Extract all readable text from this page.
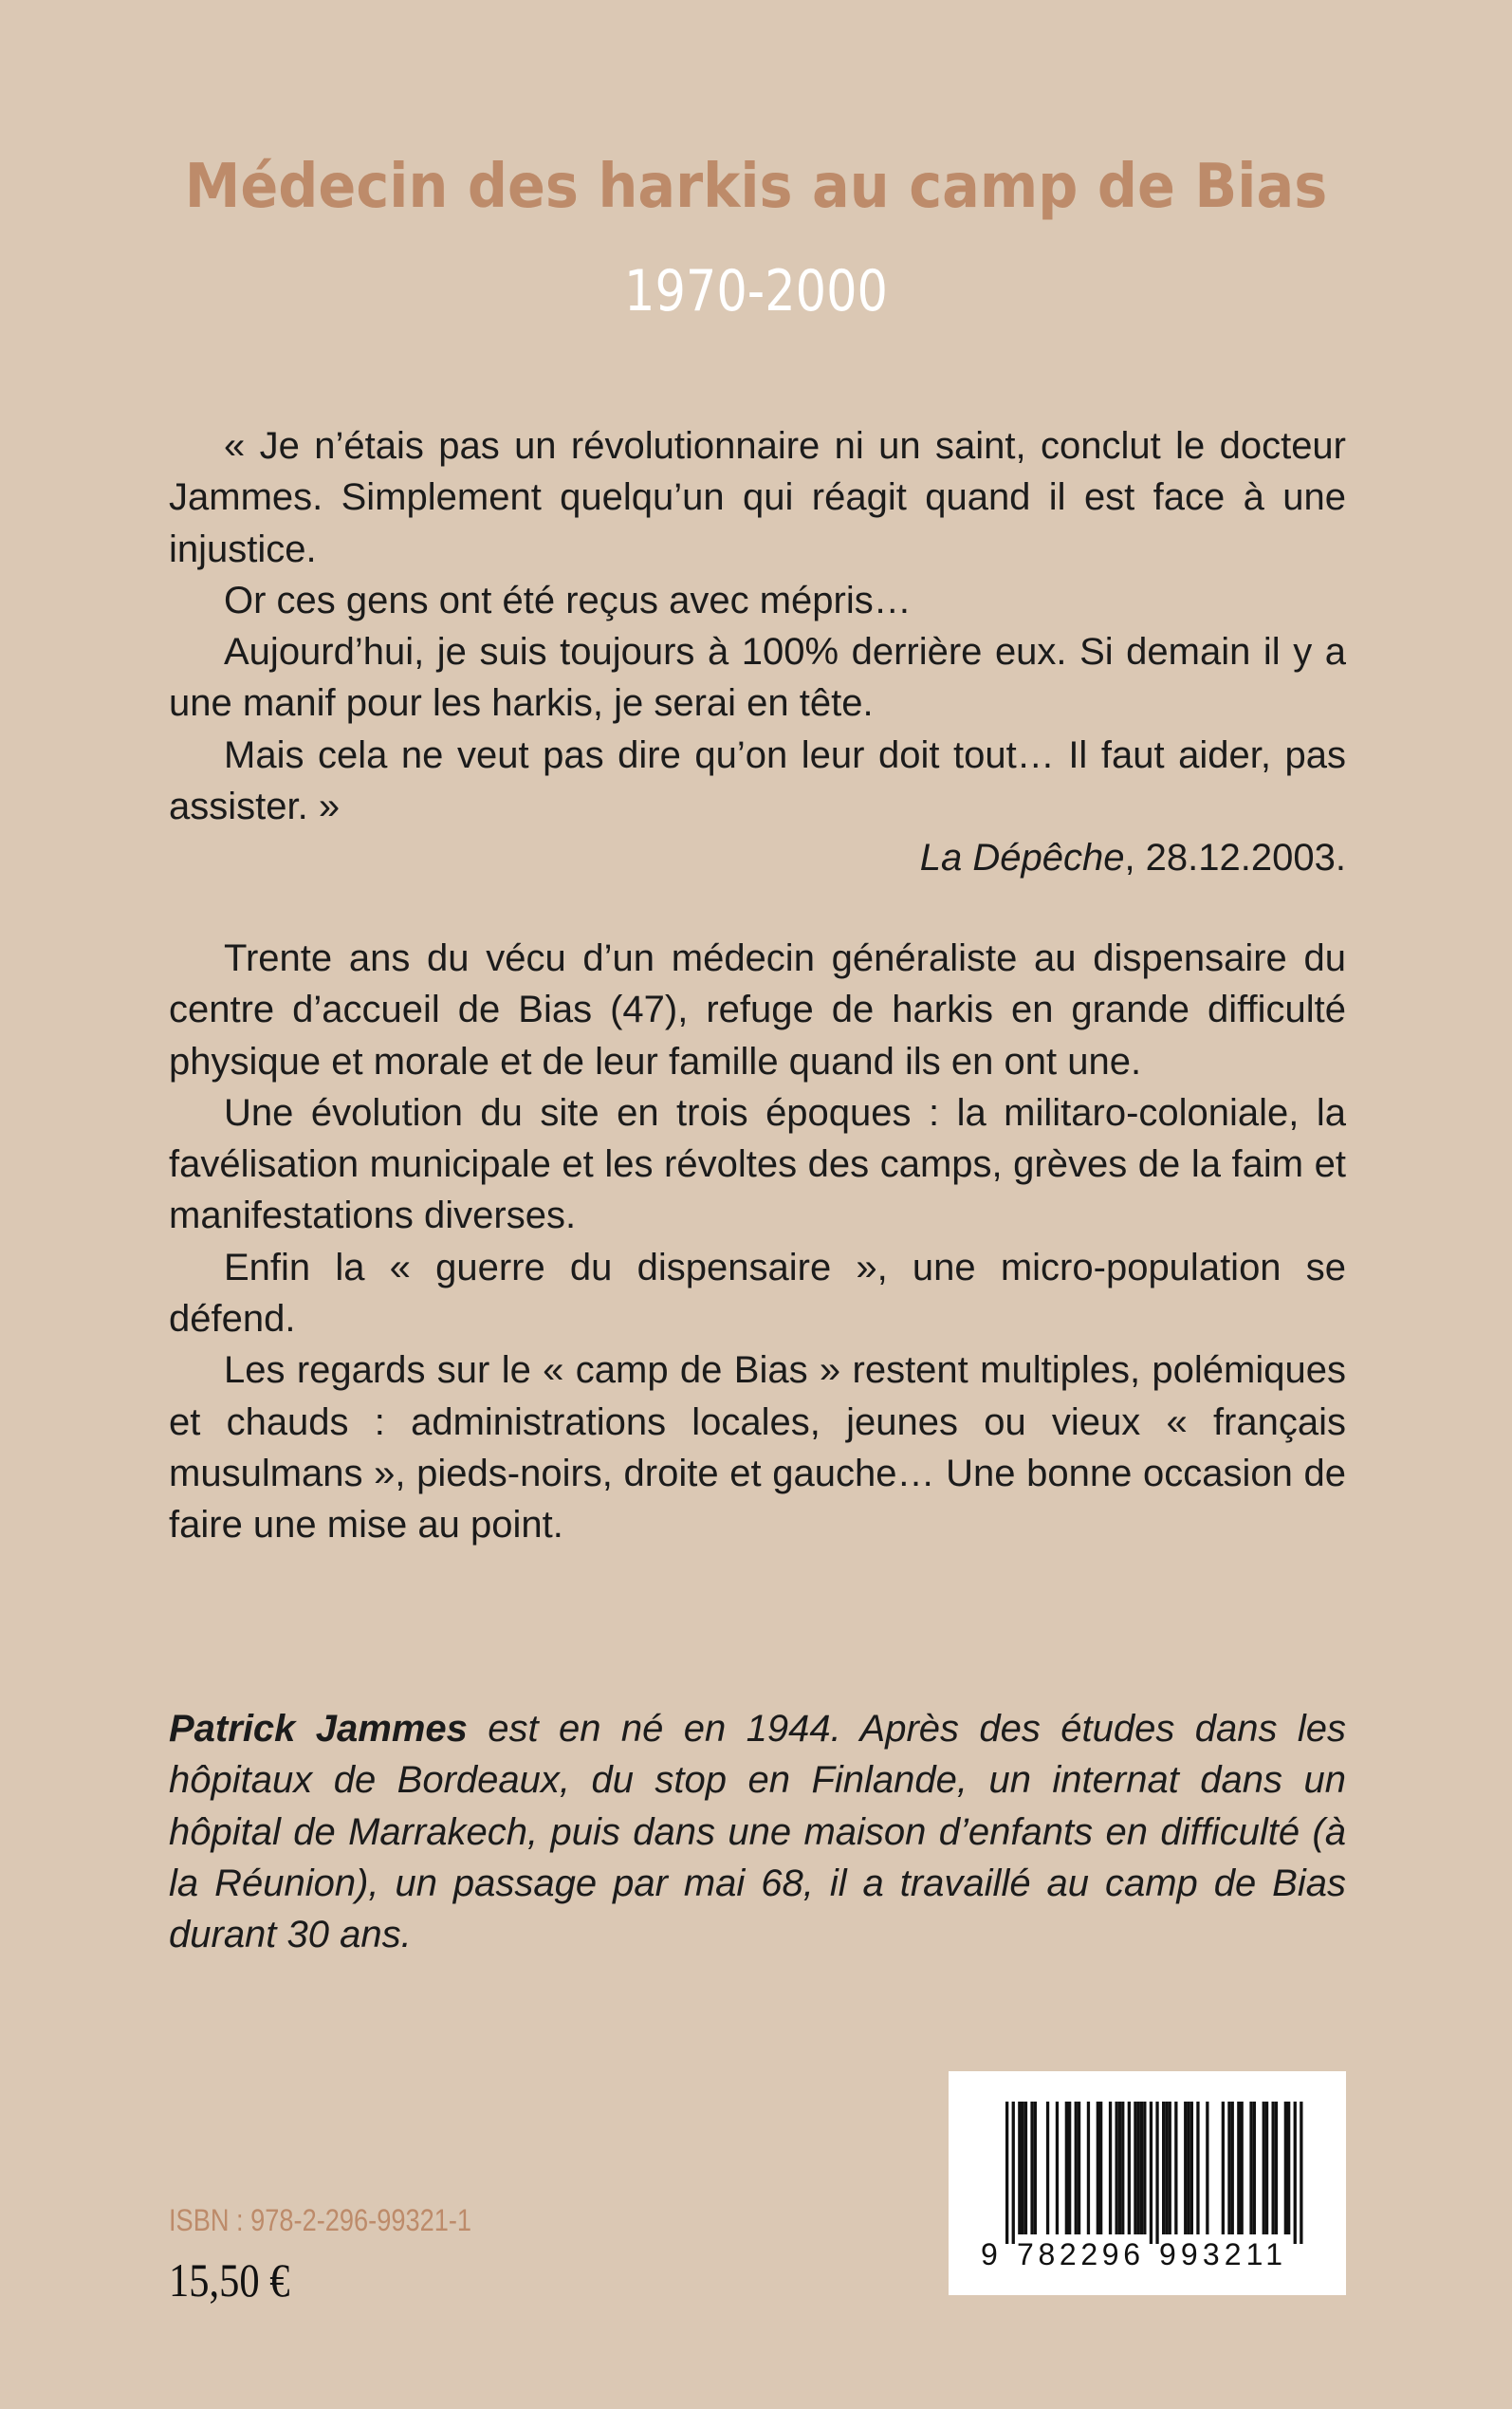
Médecin des harkis au camp de Bias
1970-2000

« Je n’étais pas un révolutionnaire ni un saint, conclut le docteur Jammes. Simplement quelqu’un qui réagit quand il est face à une injustice.

Or ces gens ont été reçus avec mépris…

Aujourd’hui, je suis toujours à 100% derrière eux. Si demain il y a une manif pour les harkis, je serai en tête.

Mais cela ne veut pas dire qu’on leur doit tout… Il faut aider, pas assister. »

La Dépêche, 28.12.2003.

Trente ans du vécu d’un médecin généraliste au dispensaire du centre d’accueil de Bias (47), refuge de harkis en grande difficulté physique et morale et de leur famille quand ils en ont une.

Une évolution du site en trois époques : la militaro-coloniale, la favélisation municipale et les révoltes des camps, grèves de la faim et manifestations diverses.

Enfin la « guerre du dispensaire », une micro-population se défend.

Les regards sur le « camp de Bias » restent multiples, polémiques et chauds : administrations locales, jeunes ou vieux « français musulmans », pieds-noirs, droite et gauche… Une bonne occasion de faire une mise au point.

Patrick Jammes est en né en 1944. Après des études dans les hôpitaux de Bordeaux, du stop en Finlande, un internat dans un hôpital de Marrakech, puis dans une maison d’enfants en difficulté (à la Réunion), un passage par mai 68, il a travaillé au camp de Bias durant 30 ans.

ISBN : 978-2-296-99321-1
15,50 €	9 782296 993211
